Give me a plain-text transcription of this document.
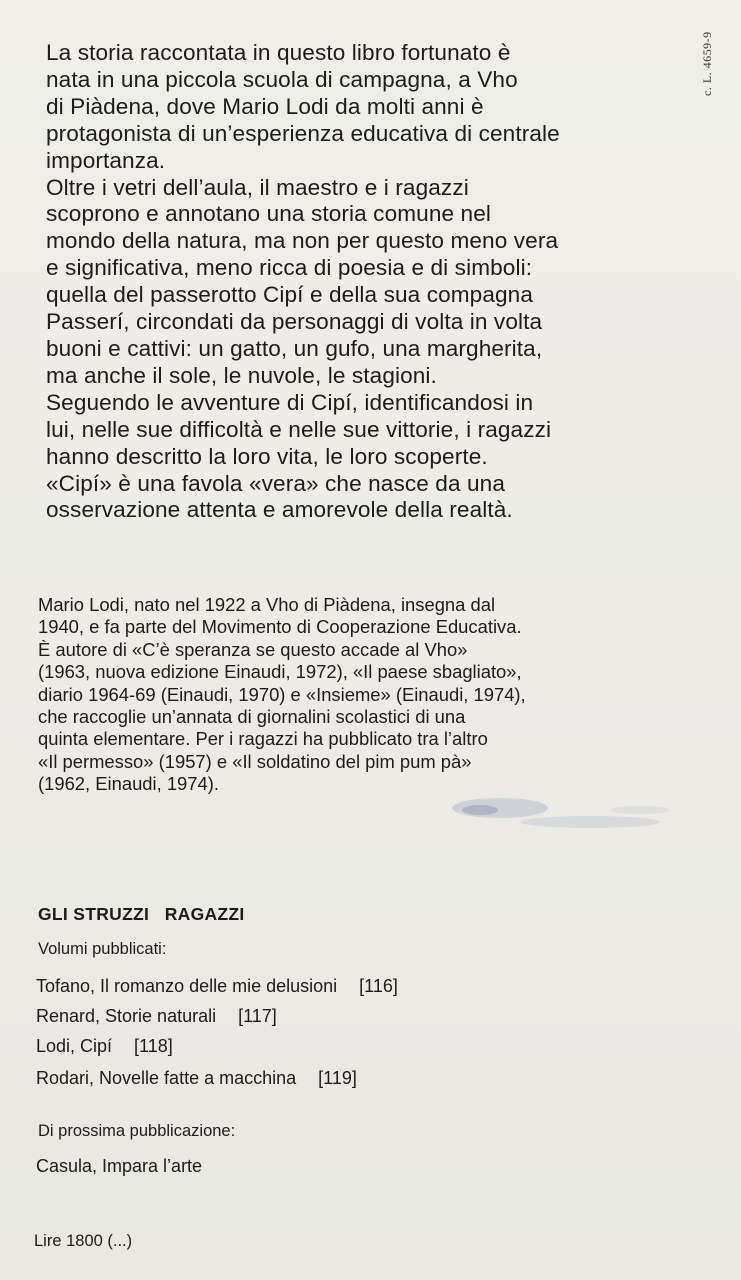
c. L. 4659-9
La storia raccontata in questo libro fortunato è
nata in una piccola scuola di campagna, a Vho
di Piàdena, dove Mario Lodi da molti anni è
protagonista di un’esperienza educativa di centrale
importanza.
Oltre i vetri dell’aula, il maestro e i ragazzi
scoprono e annotano una storia comune nel
mondo della natura, ma non per questo meno vera
e significativa, meno ricca di poesia e di simboli:
quella del passerotto Cipí e della sua compagna
Passerí, circondati da personaggi di volta in volta
buoni e cattivi: un gatto, un gufo, una margherita,
ma anche il sole, le nuvole, le stagioni.
Seguendo le avventure di Cipí, identificandosi in
lui, nelle sue difficoltà e nelle sue vittorie, i ragazzi
hanno descritto la loro vita, le loro scoperte.
«Cipí» è una favola «vera» che nasce da una
osservazione attenta e amorevole della realtà.
Mario Lodi, nato nel 1922 a Vho di Piàdena, insegna dal
1940, e fa parte del Movimento di Cooperazione Educativa.
È autore di «C’è speranza se questo accade al Vho»
(1963, nuova edizione Einaudi, 1972), «Il paese sbagliato»,
diario 1964-69 (Einaudi, 1970) e «Insieme» (Einaudi, 1974),
che raccoglie un’annata di giornalini scolastici di una
quinta elementare. Per i ragazzi ha pubblicato tra l’altro
«Il permesso» (1957) e «Il soldatino del pim pum pà»
(1962, Einaudi, 1974).
GLI STRUZZI   RAGAZZI
Volumi pubblicati:
Tofano, Il romanzo delle mie delusioni [116]
Renard, Storie naturali [117]
Lodi, Cipí [118]
Rodari, Novelle fatte a macchina [119]
Di prossima pubblicazione:
Casula, Impara l’arte
Lire 1800 (...)
